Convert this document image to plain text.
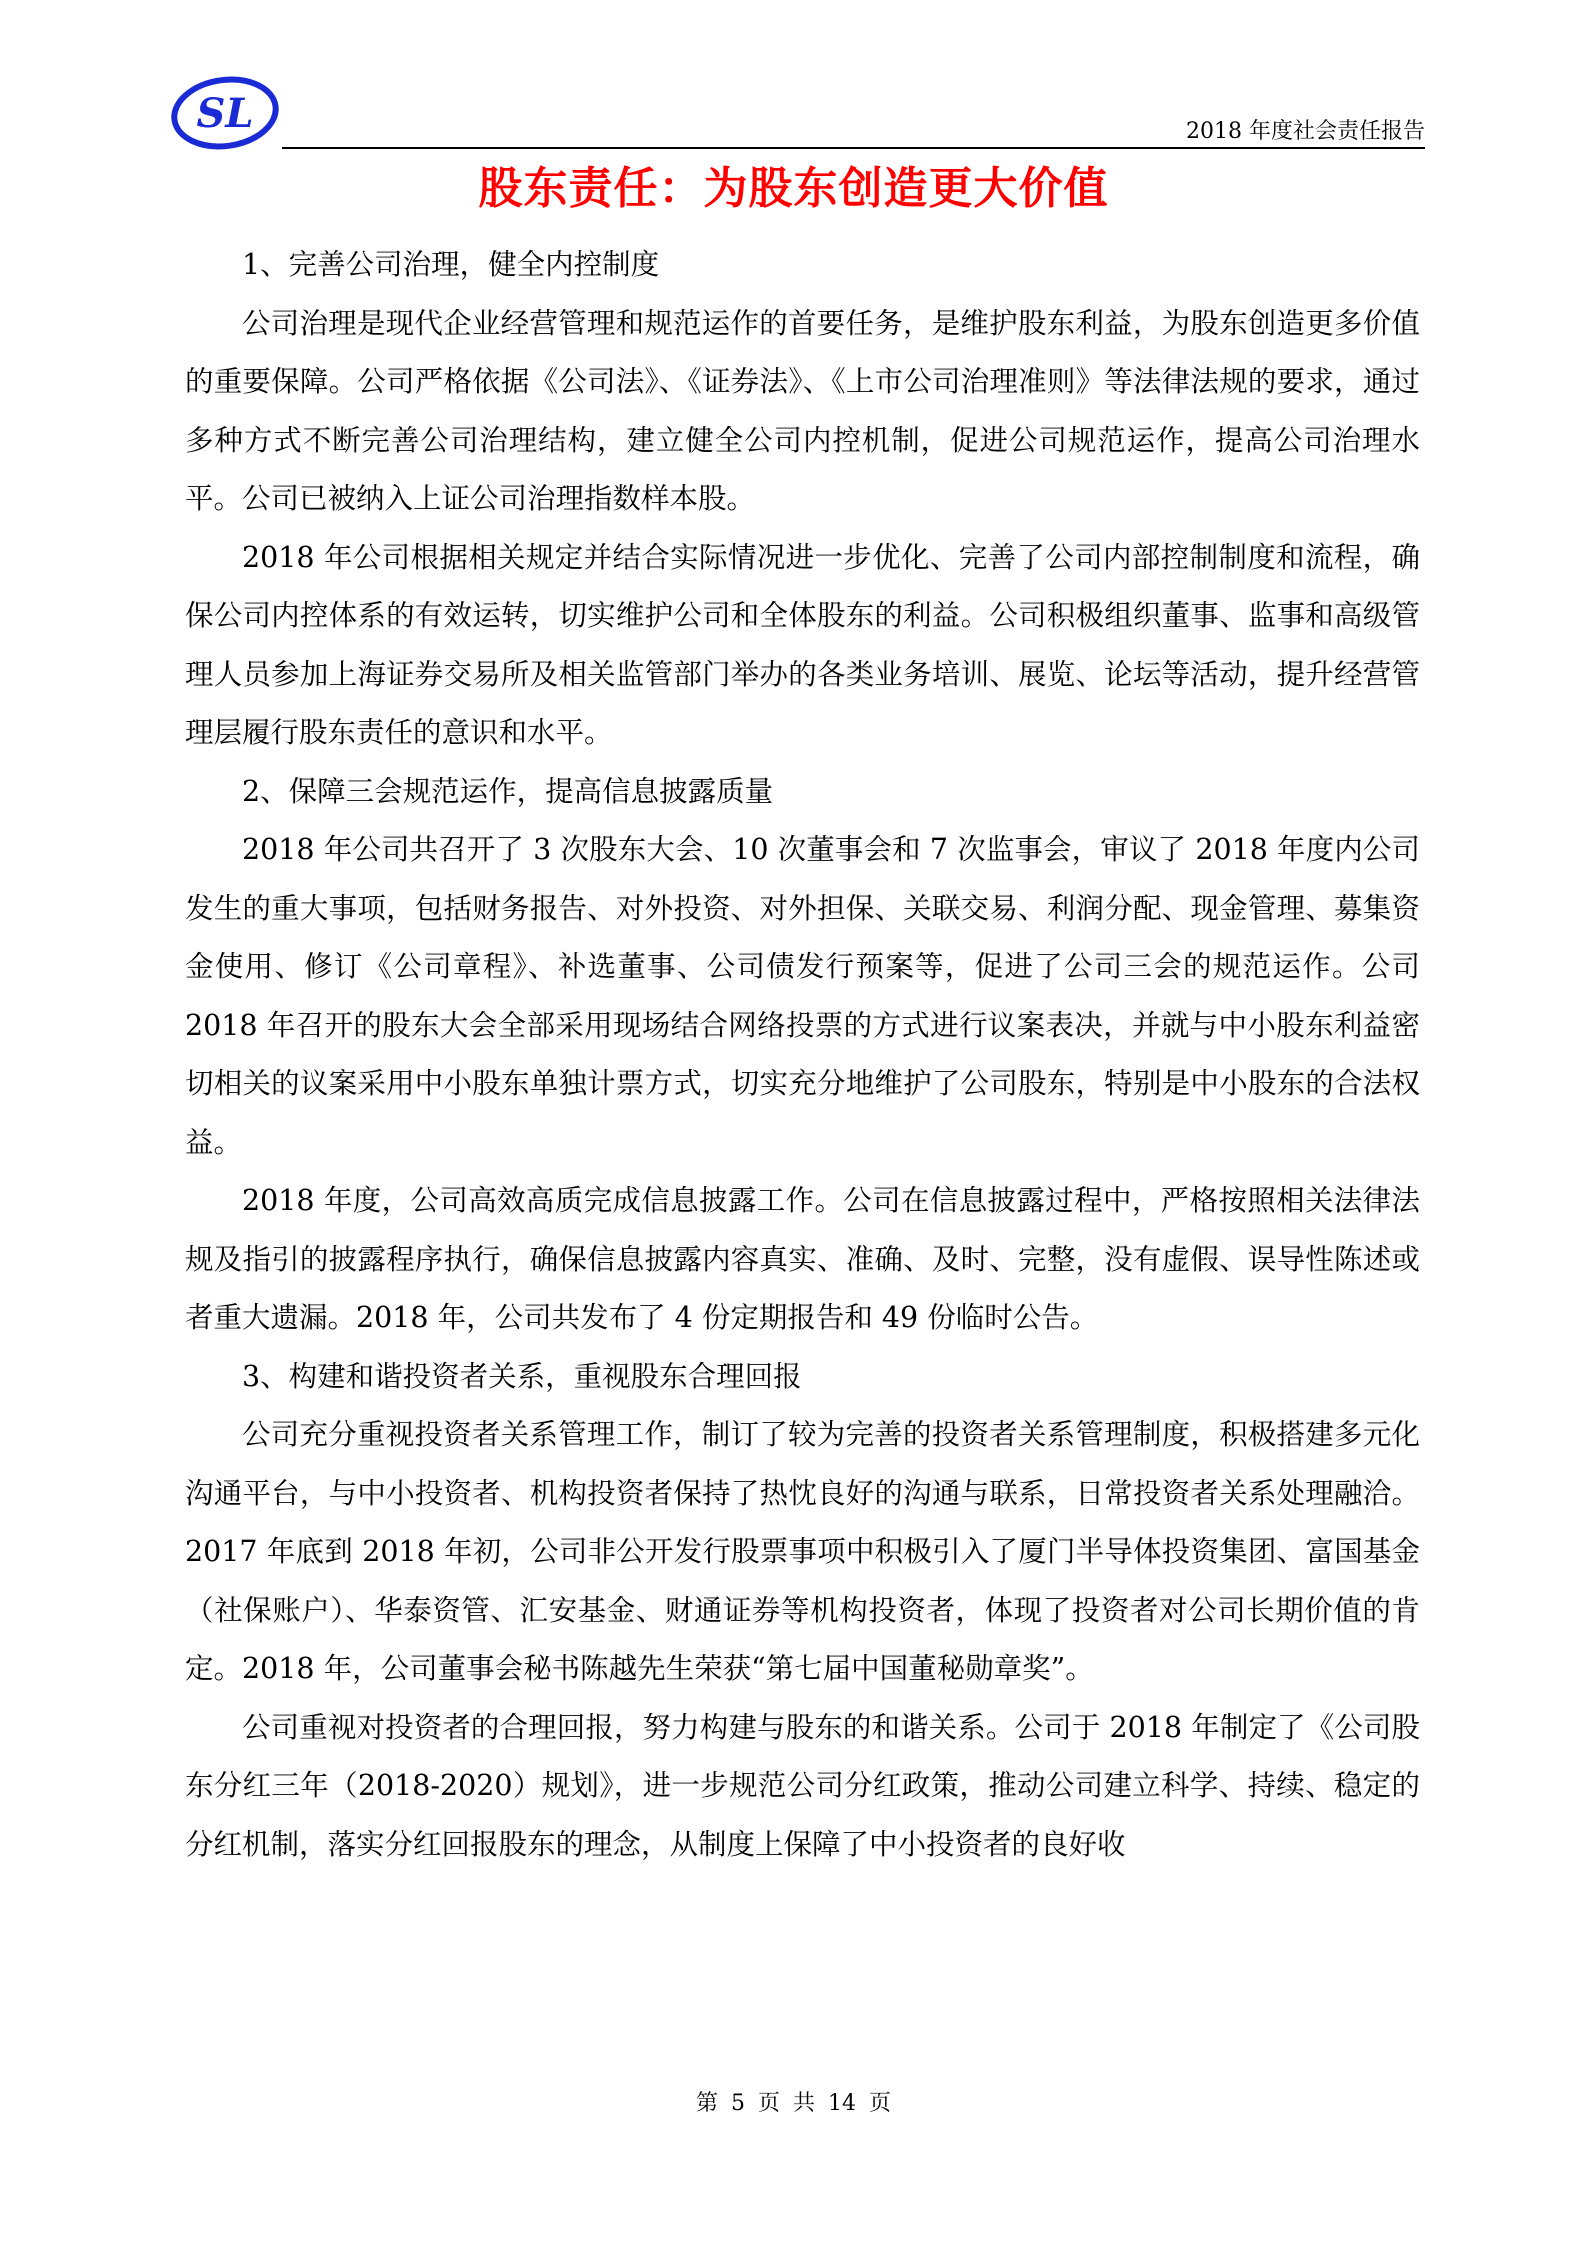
SL	2018 年度社会责任报告
股东责任：为股东创造更大价值

1、完善公司治理，健全内控制度

公司治理是现代企业经营管理和规范运作的首要任务，是维护股东利益，为股东创造更多价值的重要保障。公司严格依据《公司法》、《证券法》、《上市公司治理准则》等法律法规的要求，通过多种方式不断完善公司治理结构，建立健全公司内控机制，促进公司规范运作，提高公司治理水平。公司已被纳入上证公司治理指数样本股。

2018 年公司根据相关规定并结合实际情况进一步优化、完善了公司内部控制制度和流程，确保公司内控体系的有效运转，切实维护公司和全体股东的利益。公司积极组织董事、监事和高级管理人员参加上海证券交易所及相关监管部门举办的各类业务培训、展览、论坛等活动，提升经营管理层履行股东责任的意识和水平。

2、保障三会规范运作，提高信息披露质量

2018 年公司共召开了 3 次股东大会、10 次董事会和 7 次监事会，审议了 2018 年度内公司发生的重大事项，包括财务报告、对外投资、对外担保、关联交易、利润分配、现金管理、募集资金使用、修订《公司章程》、补选董事、公司债发行预案等，促进了公司三会的规范运作。公司 2018 年召开的股东大会全部采用现场结合网络投票的方式进行议案表决，并就与中小股东利益密切相关的议案采用中小股东单独计票方式，切实充分地维护了公司股东，特别是中小股东的合法权益。

2018 年度，公司高效高质完成信息披露工作。公司在信息披露过程中，严格按照相关法律法规及指引的披露程序执行，确保信息披露内容真实、准确、及时、完整，没有虚假、误导性陈述或者重大遗漏。2018 年，公司共发布了 4 份定期报告和 49 份临时公告。

3、构建和谐投资者关系，重视股东合理回报

公司充分重视投资者关系管理工作，制订了较为完善的投资者关系管理制度，积极搭建多元化沟通平台，与中小投资者、机构投资者保持了热忱良好的沟通与联系，日常投资者关系处理融洽。2017 年底到 2018 年初，公司非公开发行股票事项中积极引入了厦门半导体投资集团、富国基金（社保账户）、华泰资管、汇安基金、财通证券等机构投资者，体现了投资者对公司长期价值的肯定。2018 年，公司董事会秘书陈越先生荣获“第七届中国董秘勋章奖”。

公司重视对投资者的合理回报，努力构建与股东的和谐关系。公司于 2018 年制定了《公司股东分红三年（2018-2020）规划》，进一步规范公司分红政策，推动公司建立科学、持续、稳定的分红机制，落实分红回报股东的理念，从制度上保障了中小投资者的良好收

第 5 页 共 14 页
